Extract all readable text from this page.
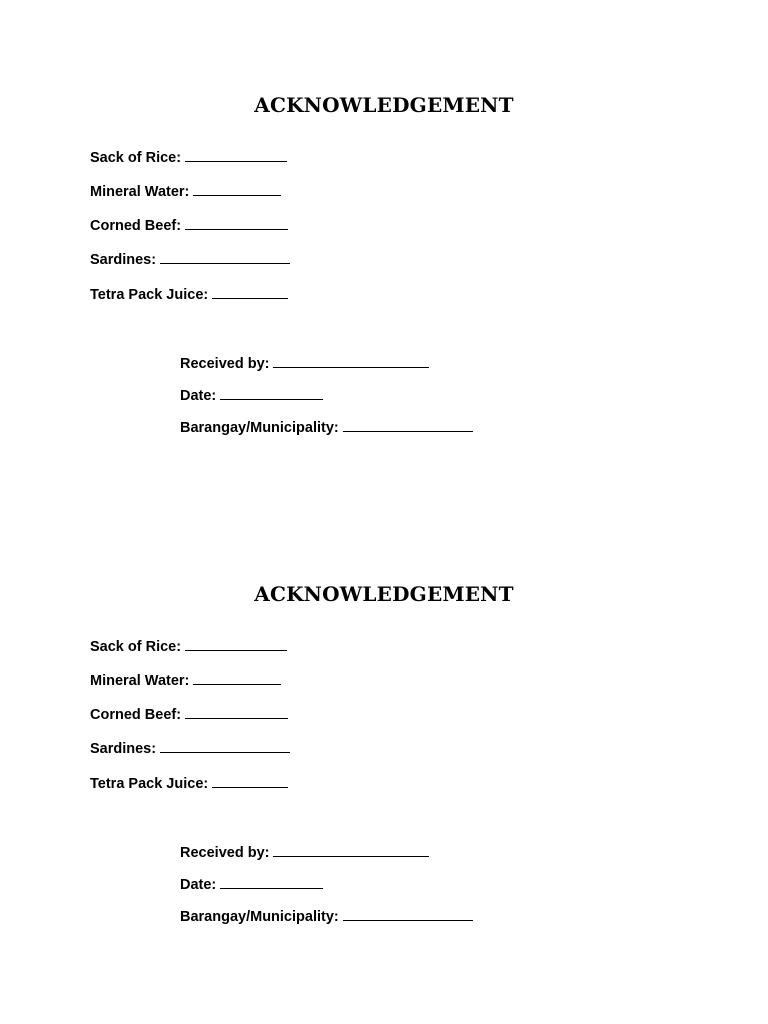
ACKNOWLEDGEMENT
Sack of Rice:
Mineral Water:
Corned Beef:
Sardines:
Tetra Pack Juice:
Received by:
Date:
Barangay/Municipality:
ACKNOWLEDGEMENT
Sack of Rice:
Mineral Water:
Corned Beef:
Sardines:
Tetra Pack Juice:
Received by:
Date:
Barangay/Municipality:
